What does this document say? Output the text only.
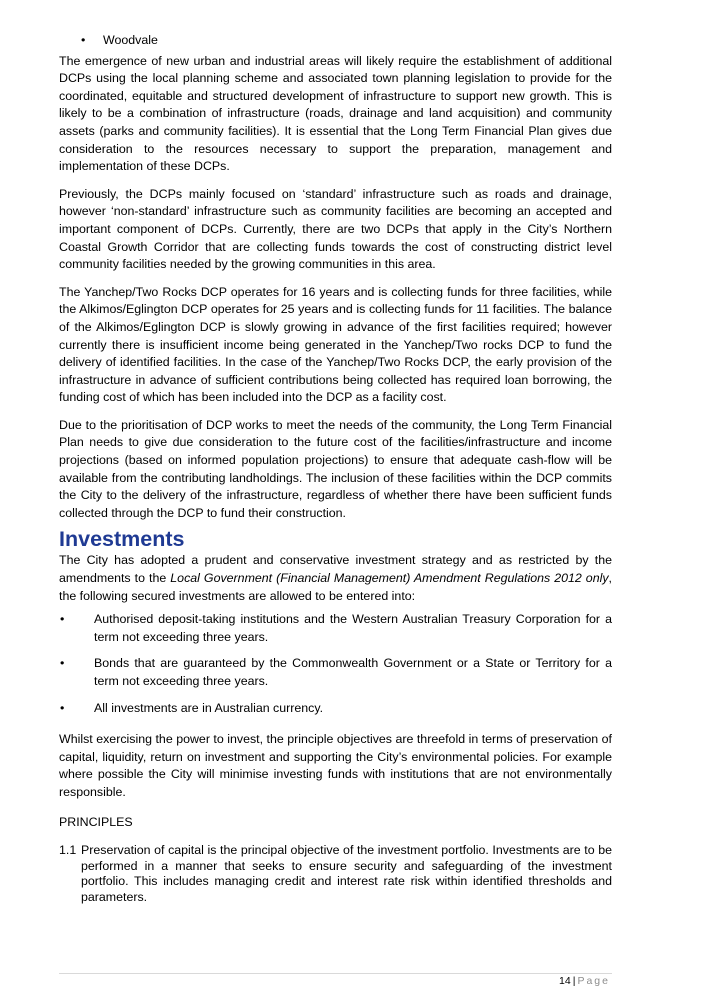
•	Woodvale

The emergence of new urban and industrial areas will likely require the establishment of additional DCPs using the local planning scheme and associated town planning legislation to provide for the coordinated, equitable and structured development of infrastructure to support new growth. This is likely to be a combination of infrastructure (roads, drainage and land acquisition) and community assets (parks and community facilities). It is essential that the Long Term Financial Plan gives due consideration to the resources necessary to support the preparation, management and implementation of these DCPs.

Previously, the DCPs mainly focused on ‘standard’ infrastructure such as roads and drainage, however ‘non-standard’ infrastructure such as community facilities are becoming an accepted and important component of DCPs. Currently, there are two DCPs that apply in the City’s Northern Coastal Growth Corridor that are collecting funds towards the cost of constructing district level community facilities needed by the growing communities in this area.

The Yanchep/Two Rocks DCP operates for 16 years and is collecting funds for three facilities, while the Alkimos/Eglington DCP operates for 25 years and is collecting funds for 11 facilities. The balance of the Alkimos/Eglington DCP is slowly growing in advance of the first facilities required; however currently there is insufficient income being generated in the Yanchep/Two rocks DCP to fund the delivery of identified facilities. In the case of the Yanchep/Two Rocks DCP, the early provision of the infrastructure in advance of sufficient contributions being collected has required loan borrowing, the funding cost of which has been included into the DCP as a facility cost.

Due to the prioritisation of DCP works to meet the needs of the community, the Long Term Financial Plan needs to give due consideration to the future cost of the facilities/infrastructure and income projections (based on informed population projections) to ensure that adequate cash-flow will be available from the contributing landholdings. The inclusion of these facilities within the DCP commits the City to the delivery of the infrastructure, regardless of whether there have been sufficient funds collected through the DCP to fund their construction.

Investments

The City has adopted a prudent and conservative investment strategy and as restricted by the amendments to the Local Government (Financial Management) Amendment Regulations 2012 only, the following secured investments are allowed to be entered into:

•	Authorised deposit-taking institutions and the Western Australian Treasury Corporation for a term not exceeding three years.
•	Bonds that are guaranteed by the Commonwealth Government or a State or Territory for a term not exceeding three years.
•	All investments are in Australian currency.

Whilst exercising the power to invest, the principle objectives are threefold in terms of preservation of capital, liquidity, return on investment and supporting the City’s environmental policies. For example where possible the City will minimise investing funds with institutions that are not environmentally responsible.

PRINCIPLES
1.1 Preservation of capital is the principal objective of the investment portfolio. Investments are to be performed in a manner that seeks to ensure security and safeguarding of the investment portfolio. This includes managing credit and interest rate risk within identified thresholds and parameters.
14 | Page
